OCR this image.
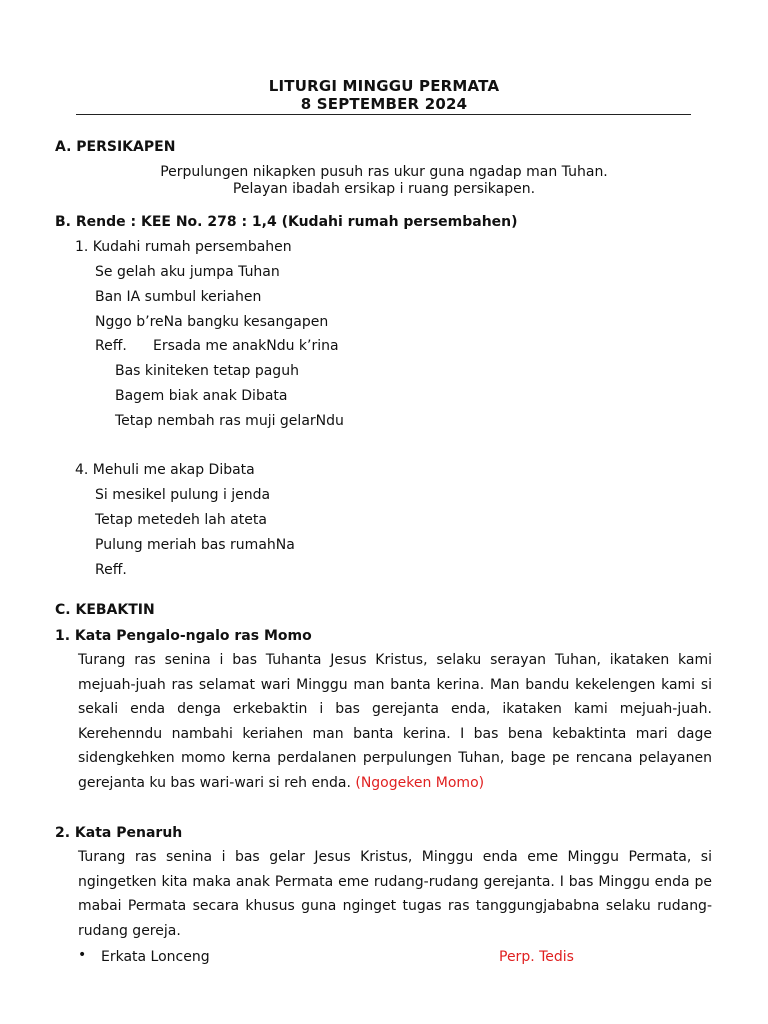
LITURGI MINGGU PERMATA
8 SEPTEMBER 2024
A. PERSIKAPEN
Perpulungen nikapken pusuh ras ukur guna ngadap man Tuhan.
Pelayan ibadah ersikap i ruang persikapen.
B. Rende : KEE No. 278 : 1,4 (Kudahi rumah persembahen)
1. Kudahi rumah persembahen
Se gelah aku jumpa Tuhan
Ban IA sumbul keriahen
Nggo b’reNa bangku kesangapen
Reff. Ersada me anakNdu k’rina
Bas kiniteken tetap paguh
Bagem biak anak Dibata
Tetap nembah ras muji gelarNdu
4. Mehuli me akap Dibata
Si mesikel pulung i jenda
Tetap metedeh lah ateta
Pulung meriah bas rumahNa
Reff.
C. KEBAKTIN
1. Kata Pengalo-ngalo ras Momo
Turang ras senina i bas Tuhanta Jesus Kristus, selaku serayan Tuhan, ikataken kami mejuah-juah ras selamat wari Minggu man banta kerina. Man bandu kekelengen kami si sekali enda denga erkebaktin i bas gerejanta enda, ikataken kami mejuah-juah. Kerehenndu nambahi keriahen man banta kerina. I bas bena kebaktinta mari dage sidengkehken momo kerna perdalanen perpulungen Tuhan, bage pe rencana pelayanen gerejanta ku bas wari-wari si reh enda. (Ngogeken Momo)
2. Kata Penaruh
Turang ras senina i bas gelar Jesus Kristus, Minggu enda eme Minggu Permata, si ngingetken kita maka anak Permata eme rudang-rudang gerejanta. I bas Minggu enda pe mabai Permata secara khusus guna nginget tugas ras tanggungjababna selaku rudang-rudang gereja.
• Erkata Lonceng	Perp. Tedis
